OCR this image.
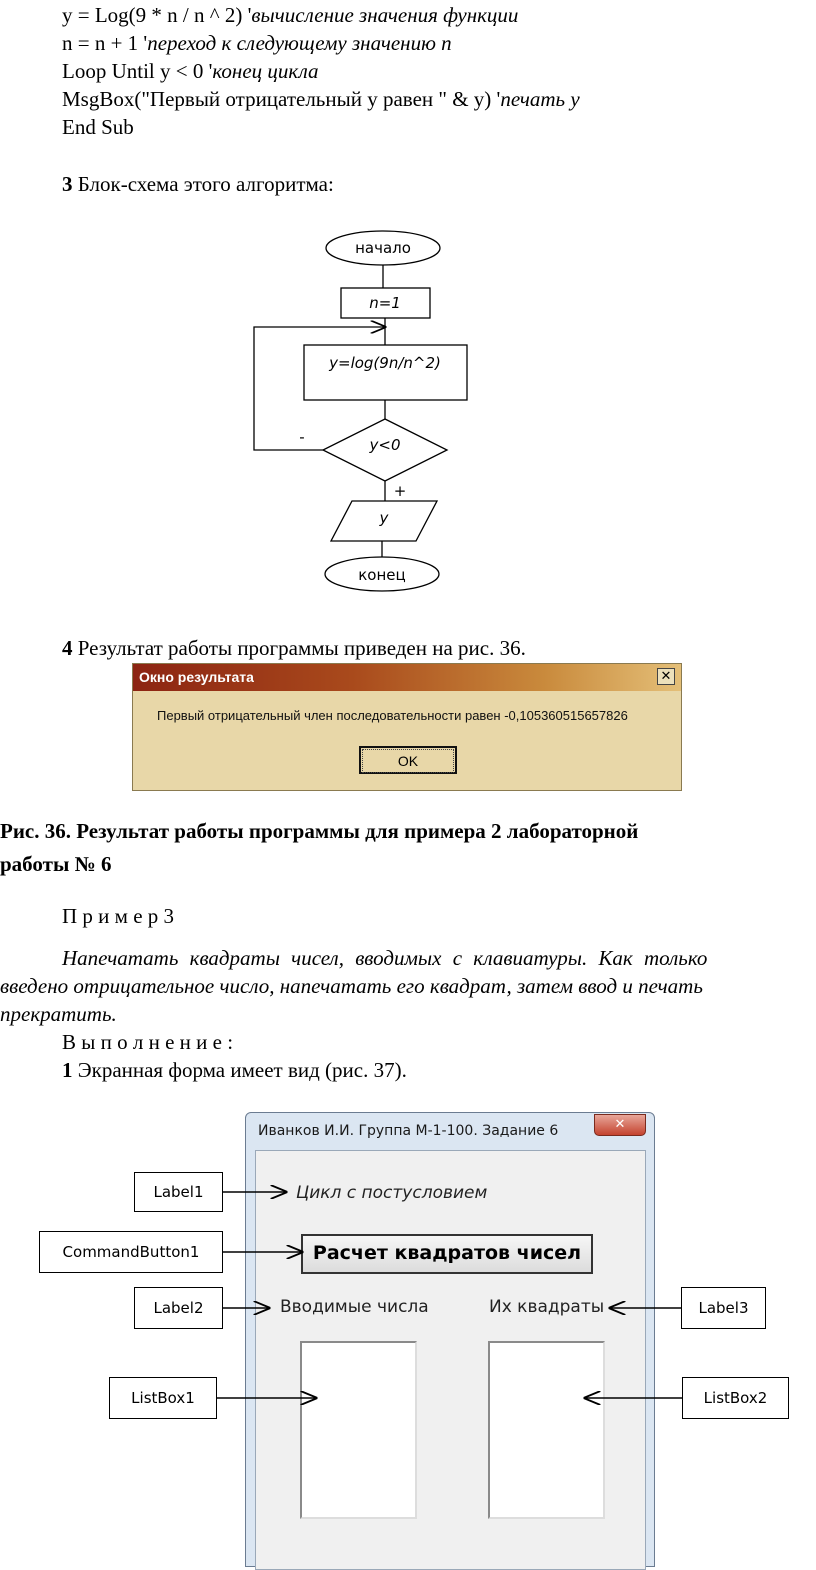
y = Log(9 * n / n ^ 2) 'вычисление значения функции
n = n + 1 'переход к следующему значению n
Loop Until y < 0 'конец цикла
MsgBox("Первый отрицательный y равен " & y) 'печать y
End Sub
3 Блок-схема этого алгоритма:
начало
n=1
y=log(9n/n^2)
y<0
-
+
y
конец
4 Результат работы программы приведен на рис. 36.
Окно результата	✕
Первый отрицательный член последовательности равен -0,105360515657826
OK
Рис. 36. Результат работы программы для примера 2 лабораторной
работы № 6
П р и м е р 3
Напечатать квадраты чисел, вводимых с клавиатуры. Как только
введено отрицательное число, напечатать его квадрат, затем ввод и печать
прекратить.
В ы п о л н е н и е :
1 Экранная форма имеет вид (рис. 37).
Иванков И.И. Группа М-1-100. Задание 6	✕
Цикл с постусловием
Расчет квадратов чисел
Вводимые числа	Их квадраты
Label1
CommandButton1
Label2	Label3
ListBox1	ListBox2
